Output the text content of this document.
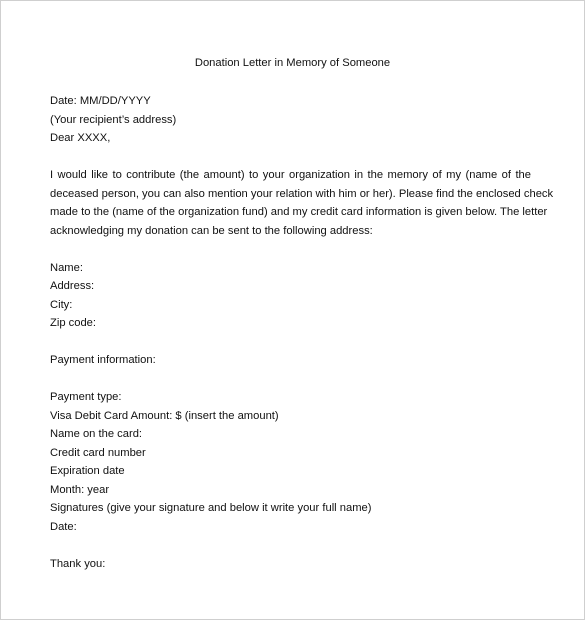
Donation Letter in Memory of Someone
Date: MM/DD/YYYY
(Your recipient’s address)
Dear XXXX,
I would like to contribute (the amount) to your organization in the memory of my (name of the
deceased person, you can also mention your relation with him or her). Please find the enclosed check
made to the (name of the organization fund) and my credit card information is given below. The letter
acknowledging my donation can be sent to the following address:
Name:
Address:
City:
Zip code:
Payment information:
Payment type:
Visa Debit Card Amount: $ (insert the amount)
Name on the card:
Credit card number
Expiration date
Month: year
Signatures (give your signature and below it write your full name)
Date:
Thank you:
